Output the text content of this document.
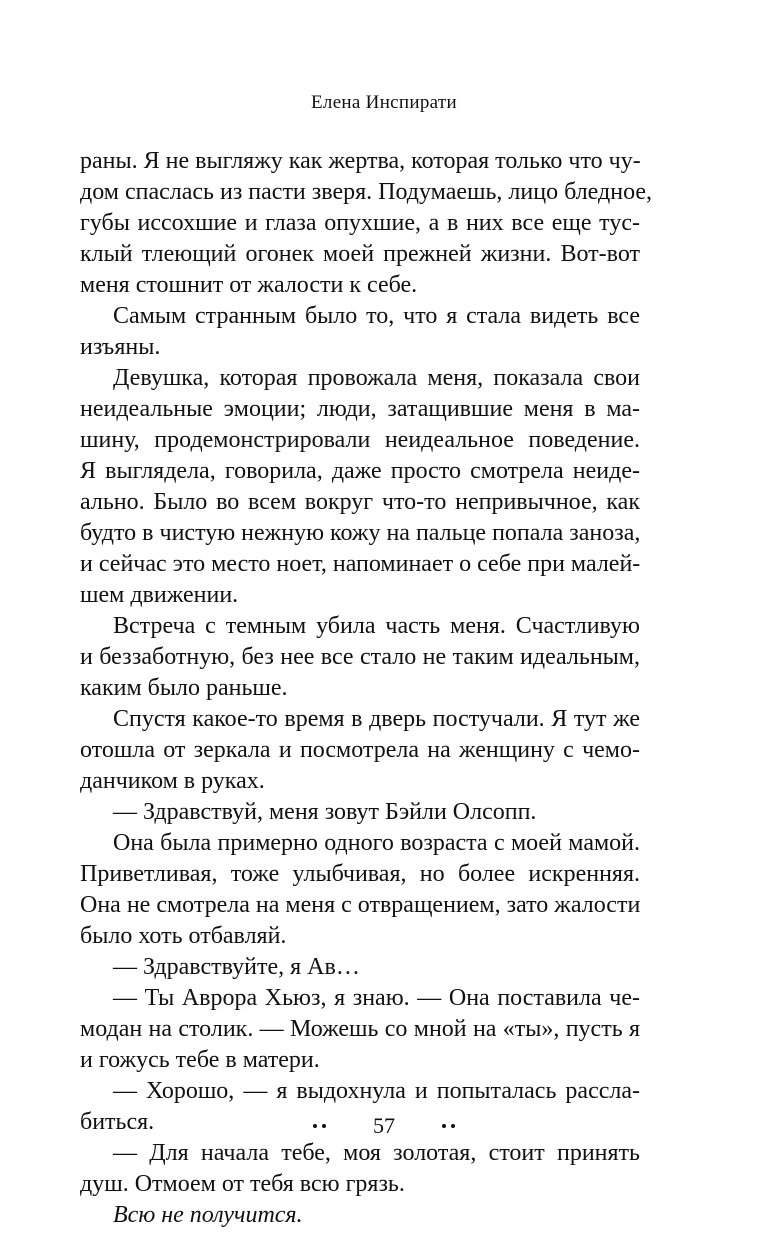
Елена Инспирати
раны. Я не выгляжу как жертва, которая только что чу-
дом спаслась из пасти зверя. Подумаешь, лицо бледное,
губы иссохшие и глаза опухшие, а в них все еще тус-
клый тлеющий огонек моей прежней жизни. Вот-вот
меня стошнит от жалости к себе.
Самым странным было то, что я стала видеть все
изъяны.
Девушка, которая провожала меня, показала свои
неидеальные эмоции; люди, затащившие меня в ма-
шину, продемонстрировали неидеальное поведение.
Я выглядела, говорила, даже просто смотрела неиде-
ально. Было во всем вокруг что-то непривычное, как
будто в чистую нежную кожу на пальце попала заноза,
и сейчас это место ноет, напоминает о себе при малей-
шем движении.
Встреча с темным убила часть меня. Счастливую
и беззаботную, без нее все стало не таким идеальным,
каким было раньше.
Спустя какое-то время в дверь постучали. Я тут же
отошла от зеркала и посмотрела на женщину с чемо-
данчиком в руках.
— Здравствуй, меня зовут Бэйли Олсопп.
Она была примерно одного возраста с моей мамой.
Приветливая, тоже улыбчивая, но более искренняя.
Она не смотрела на меня с отвращением, зато жалости
было хоть отбавляй.
— Здравствуйте, я Ав…
— Ты Аврора Хьюз, я знаю. — Она поставила че-
модан на столик. — Можешь со мной на «ты», пусть я
и гожусь тебе в матери.
— Хорошо, — я выдохнула и попыталась рассла-
биться.
— Для начала тебе, моя золотая, стоит принять
душ. Отмоем от тебя всю грязь.
Всю не получится.
57
